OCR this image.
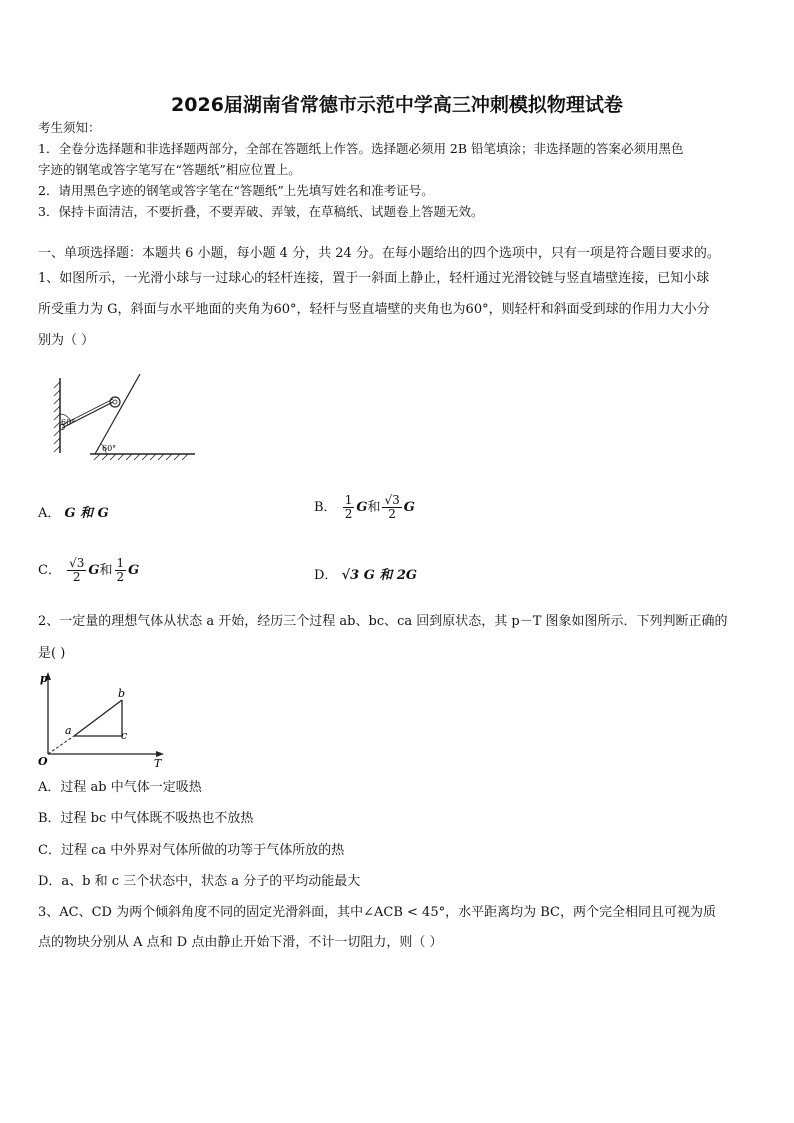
2026届湖南省常德市示范中学高三冲刺模拟物理试卷
考生须知：
1．全卷分选择题和非选择题两部分，全部在答题纸上作答。选择题必须用 2B 铅笔填涂；非选择题的答案必须用黑色
字迹的钢笔或答字笔写在“答题纸”相应位置上。
2．请用黑色字迹的钢笔或答字笔在“答题纸”上先填写姓名和准考证号。
3．保持卡面清洁，不要折叠，不要弄破、弄皱，在草稿纸、试题卷上答题无效。
一、单项选择题：本题共 6 小题，每小题 4 分，共 24 分。在每小题给出的四个选项中，只有一项是符合题目要求的。
1、如图所示，一光滑小球与一过球心的轻杆连接，置于一斜面上静止，轻杆通过光滑铰链与竖直墙壁连接，已知小球
所受重力为 G，斜面与水平地面的夹角为60°，轻杆与竖直墙壁的夹角也为60°，则轻杆和斜面受到球的作用力大小分
别为（ ）
60°
60°
A． G 和 G	B． $\frac{1}{2}$ G和 $\frac{√3}{2}$ G
C． $\frac{√3}{2}$ G和 $\frac{1}{2}$ G	D． √3 G 和 2G
2、一定量的理想气体从状态 a 开始，经历三个过程 ab、bc、ca 回到原状态，其 p－T 图象如图所示．下列判断正确的
是( )
p
T
O
a
b
c
A．过程 ab 中气体一定吸热
B．过程 bc 中气体既不吸热也不放热
C．过程 ca 中外界对气体所做的功等于气体所放的热
D．a、b 和 c 三个状态中，状态 a 分子的平均动能最大
3、AC、CD 为两个倾斜角度不同的固定光滑斜面，其中∠ACB < 45°，水平距离均为 BC，两个完全相同且可视为质
点的物块分别从 A 点和 D 点由静止开始下滑，不计一切阻力，则（ ）
